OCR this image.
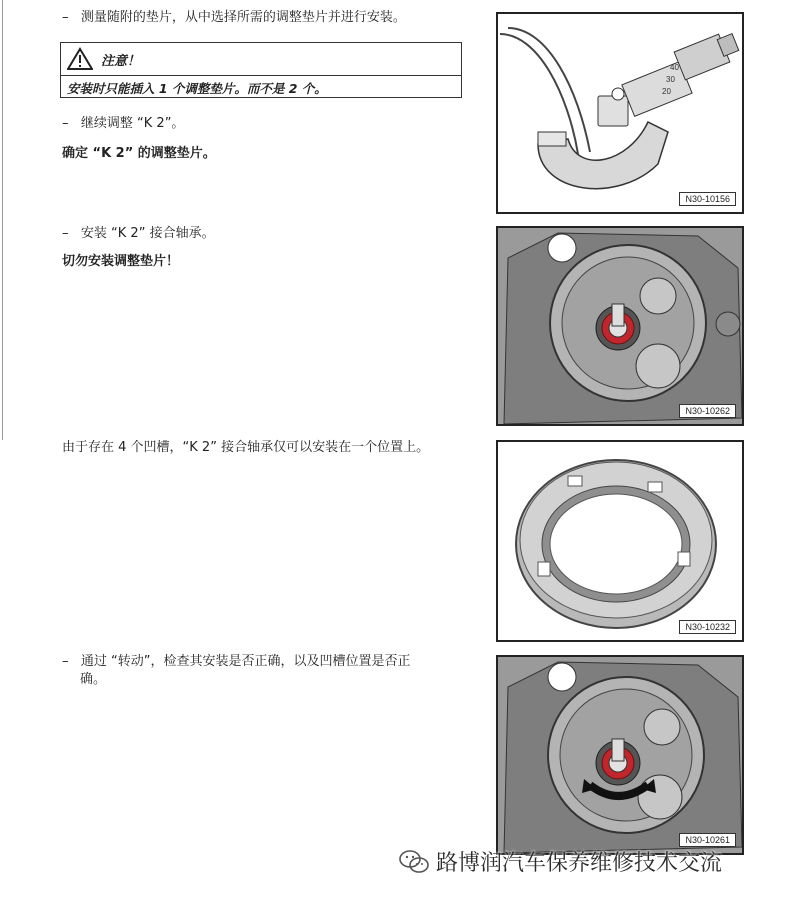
– 测量随附的垫片，从中选择所需的调整垫片并进行安装。
注意！
安装时只能插入 1 个调整垫片。而不是 2 个。
– 继续调整 “K 2”。
确定 “K 2” 的调整垫片。
– 安装 “K 2” 接合轴承。
切勿安装调整垫片！
由于存在 4 个凹槽，“K 2” 接合轴承仅可以安装在一个位置上。
– 通过 “转动”，检查其安装是否正确，以及凹槽位置是否正
确。
40
30
20
N30-10156
N30-10262
N30-10232
N30-10261
路博润汽车保养维修技术交流
